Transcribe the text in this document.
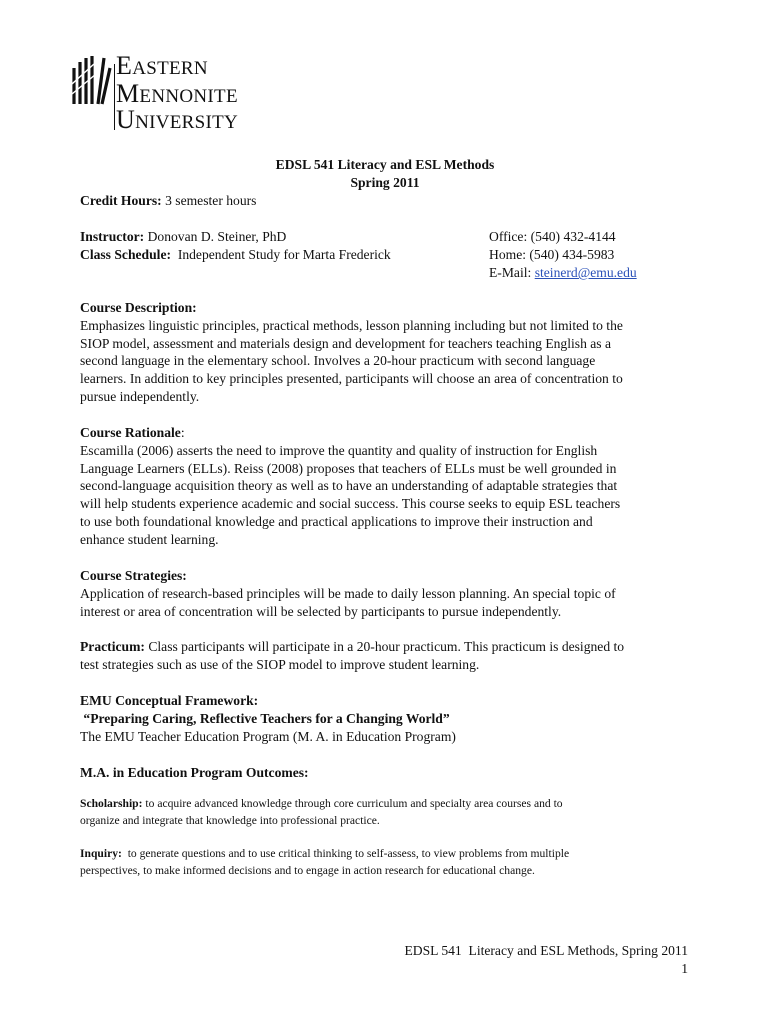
EASTERN
MENNONITE
UNIVERSITY
EDSL 541 Literacy and ESL Methods
Spring 2011
Credit Hours: 3 semester hours
Instructor: Donovan D. Steiner, PhD
Class Schedule:  Independent Study for Marta Frederick
Office: (540) 432-4144
Home: (540) 434-5983
E-Mail: steinerd@emu.edu
Course Description:
Emphasizes linguistic principles, practical methods, lesson planning including but not limited to the
SIOP model, assessment and materials design and development for teachers teaching English as a
second language in the elementary school. Involves a 20-hour practicum with second language
learners. In addition to key principles presented, participants will choose an area of concentration to
pursue independently.
Course Rationale:
Escamilla (2006) asserts the need to improve the quantity and quality of instruction for English
Language Learners (ELLs). Reiss (2008) proposes that teachers of ELLs must be well grounded in
second-language acquisition theory as well as to have an understanding of adaptable strategies that
will help students experience academic and social success. This course seeks to equip ESL teachers
to use both foundational knowledge and practical applications to improve their instruction and
enhance student learning.
Course Strategies:
Application of research-based principles will be made to daily lesson planning. An special topic of
interest or area of concentration will be selected by participants to pursue independently.
Practicum: Class participants will participate in a 20-hour practicum. This practicum is designed to
test strategies such as use of the SIOP model to improve student learning.
EMU Conceptual Framework:
“Preparing Caring, Reflective Teachers for a Changing World”
The EMU Teacher Education Program (M. A. in Education Program)
M.A. in Education Program Outcomes:
Scholarship: to acquire advanced knowledge through core curriculum and specialty area courses and to
organize and integrate that knowledge into professional practice.
Inquiry:  to generate questions and to use critical thinking to self-assess, to view problems from multiple
perspectives, to make informed decisions and to engage in action research for educational change.
EDSL 541  Literacy and ESL Methods, Spring 2011
1
